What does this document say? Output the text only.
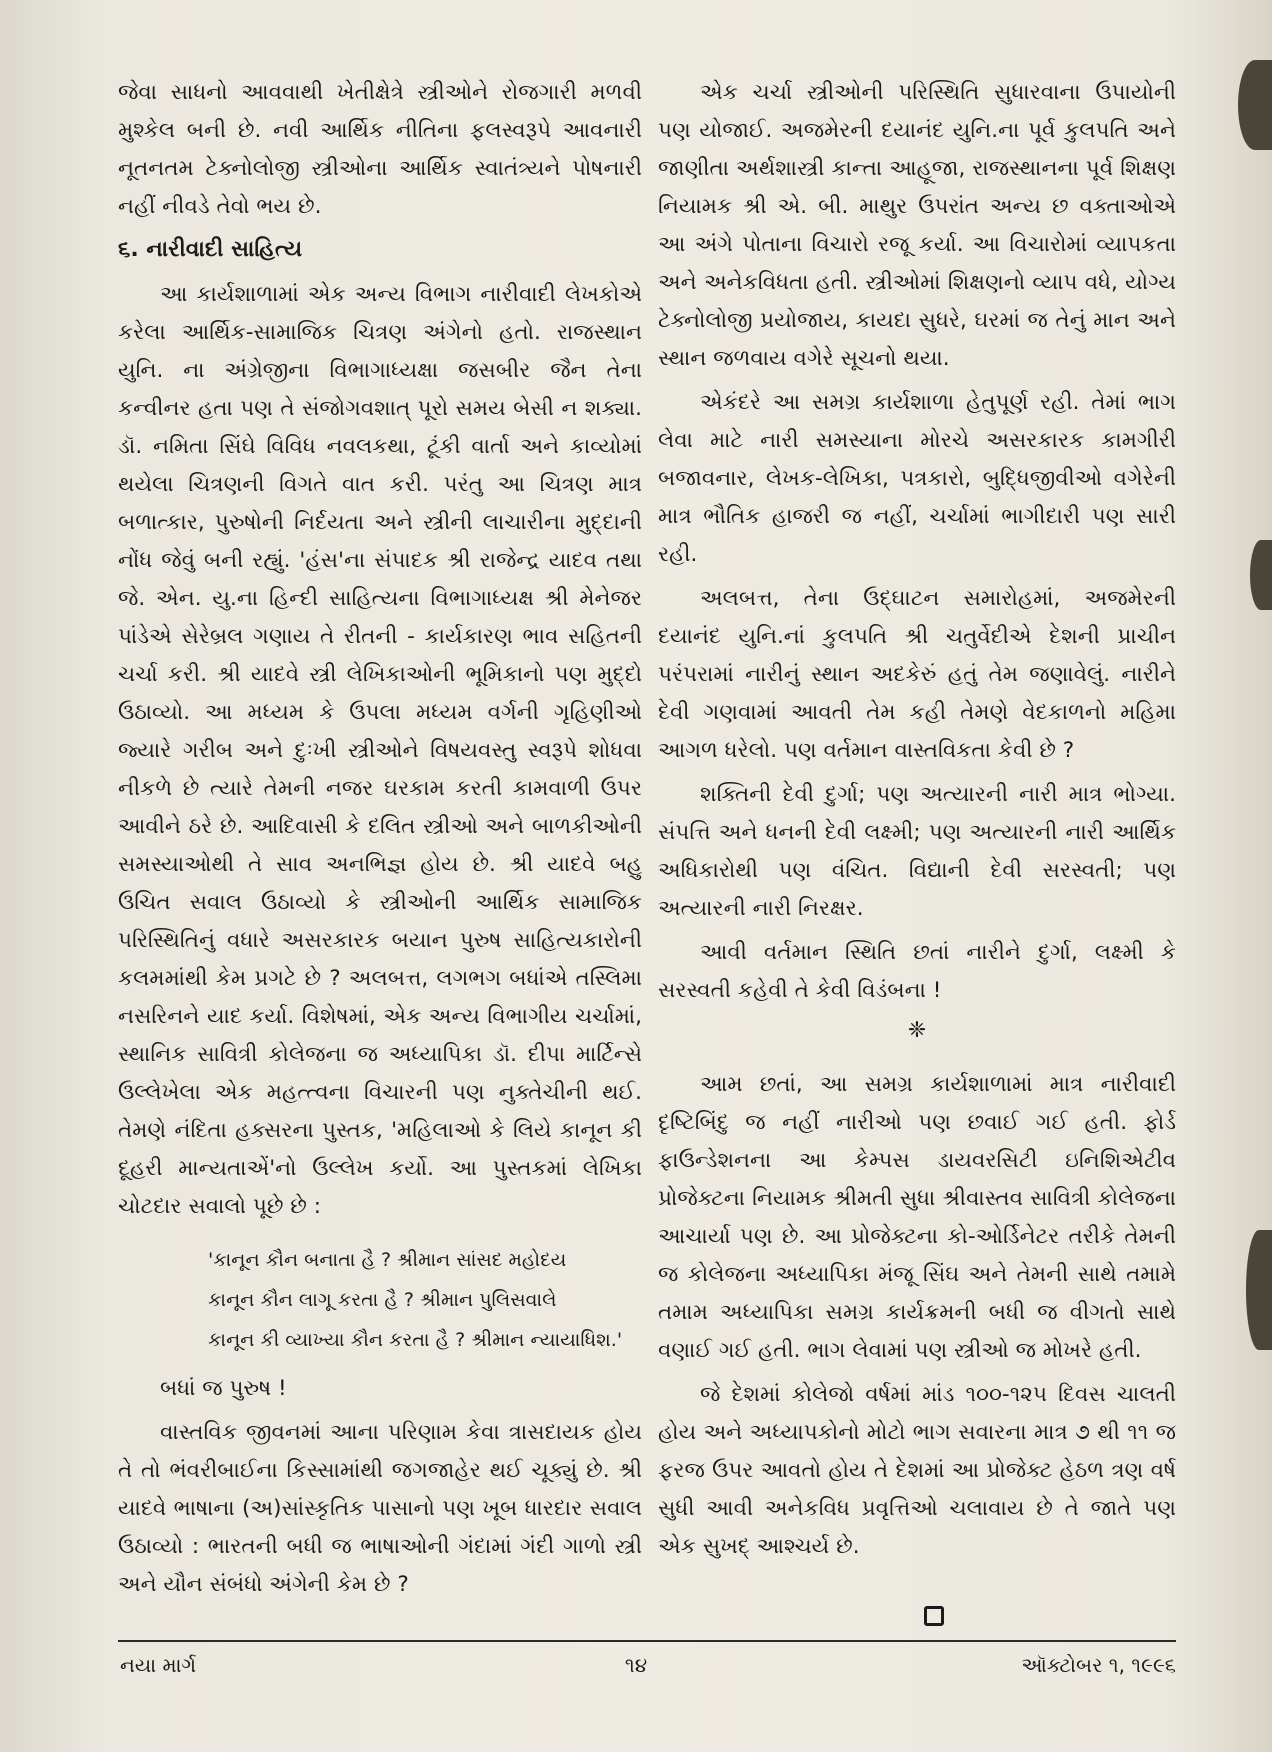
જેવા સાધનો આવવાથી ખેતીક્ષેત્રે સ્ત્રીઓને રોજગારી મળવી મુશ્કેલ બની છે. નવી આર્થિક નીતિના ફલસ્વરૂપે આવનારી નૂતનતમ ટેક્નોલોજી સ્ત્રીઓના આર્થિક સ્વાતંત્ર્યને પોષનારી નહીં નીવડે તેવો ભય છે.

૬. નારીવાદી સાહિત્ય

આ કાર્યશાળામાં એક અન્ય વિભાગ નારીવાદી લેખકોએ કરેલા આર્થિક-સામાજિક ચિત્રણ અંગેનો હતો. રાજસ્થાન યુનિ. ના અંગ્રેજીના વિભાગાધ્યક્ષા જસબીર જૈન તેના કન્વીનર હતા પણ તે સંજોગવશાત્ પૂરો સમય બેસી ન શક્યા. ડૉ. નમિતા સિંઘે વિવિધ નવલકથા, ટૂંકી વાર્તા અને કાવ્યોમાં થયેલા ચિત્રણની વિગતે વાત કરી. પરંતુ આ ચિત્રણ માત્ર બળાત્કાર, પુરુષોની નિર્દયતા અને સ્ત્રીની લાચારીના મુદ્દાની નોંધ જેવું બની રહ્યું. 'હંસ'ના સંપાદક શ્રી રાજેન્દ્ર યાદવ તથા જે. એન. યુ.ના હિન્દી સાહિત્યના વિભાગાધ્યક્ષ શ્રી મેનેજર પાંડેએ સેરેબ્રલ ગણાય તે રીતની - કાર્યકારણ ભાવ સહિતની ચર્ચા કરી. શ્રી યાદવે સ્ત્રી લેખિકાઓની ભૂમિકાનો પણ મુદ્દો ઉઠાવ્યો. આ મધ્યમ કે ઉપલા મધ્યમ વર્ગની ગૃહિણીઓ જ્યારે ગરીબ અને દુઃખી સ્ત્રીઓને વિષયવસ્તુ સ્વરૂપે શોધવા નીકળે છે ત્યારે તેમની નજર ઘરકામ કરતી કામવાળી ઉપર આવીને ઠરે છે. આદિવાસી કે દલિત સ્ત્રીઓ અને બાળકીઓની સમસ્યાઓથી તે સાવ અનભિજ્ઞ હોય છે. શ્રી યાદવે બહુ ઉચિત સવાલ ઉઠાવ્યો કે સ્ત્રીઓની આર્થિક સામાજિક પરિસ્થિતિનું વધારે અસરકારક બયાન પુરુષ સાહિત્યકારોની કલમમાંથી કેમ પ્રગટે છે ? અલબત્ત, લગભગ બધાંએ તસ્લિમા નસરિનને યાદ કર્યા. વિશેષમાં, એક અન્ય વિભાગીય ચર્ચામાં, સ્થાનિક સાવિત્રી કોલેજના જ અધ્યાપિકા ડૉ. દીપા માર્ટિન્સે ઉલ્લેખેલા એક મહત્ત્વના વિચારની પણ નુક્તેચીની થઈ. તેમણે નંદિતા હક્સરના પુસ્તક, 'મહિલાઓ કે લિયે કાનૂન કી દૂહરી માન્યતાએં'નો ઉલ્લેખ કર્યો. આ પુસ્તકમાં લેખિકા ચોટદાર સવાલો પૂછે છે :

'કાનૂન કૌન બનાતા હૈ ? શ્રીમાન સાંસદ મહોદય
કાનૂન કૌન લાગૂ કરતા હૈ ? શ્રીમાન પુલિસવાલે
કાનૂન કી વ્યાખ્યા કૌન કરતા હૈ ? શ્રીમાન ન્યાયાધિશ.'

બધાં જ પુરુષ !

વાસ્તવિક જીવનમાં આના પરિણામ કેવા ત્રાસદાયક હોય તે તો ભંવરીબાઈના કિસ્સામાંથી જગજાહેર થઈ ચૂક્યું છે. શ્રી યાદવે ભાષાના (અ)સાંસ્કૃતિક પાસાનો પણ ખૂબ ધારદાર સવાલ ઉઠાવ્યો : ભારતની બધી જ ભાષાઓની ગંદામાં ગંદી ગાળો સ્ત્રી અને યૌન સંબંધો અંગેની કેમ છે ?

એક ચર્ચા સ્ત્રીઓની પરિસ્થિતિ સુધારવાના ઉપાયોની પણ યોજાઈ. અજમેરની દયાનંદ યુનિ.ના પૂર્વ કુલપતિ અને જાણીતા અર્થશાસ્ત્રી કાન્તા આહૂજા, રાજસ્થાનના પૂર્વ શિક્ષણ નિયામક શ્રી એ. બી. માથુર ઉપરાંત અન્ય છ વક્તાઓએ આ અંગે પોતાના વિચારો રજૂ કર્યા. આ વિચારોમાં વ્યાપકતા અને અનેકવિધતા હતી. સ્ત્રીઓમાં શિક્ષણનો વ્યાપ વધે, યોગ્ય ટેક્નોલોજી પ્રયોજાય, કાયદા સુધરે, ઘરમાં જ તેનું માન અને સ્થાન જળવાય વગેરે સૂચનો થયા.

એકંદરે આ સમગ્ર કાર્યશાળા હેતુપૂર્ણ રહી. તેમાં ભાગ લેવા માટે નારી સમસ્યાના મોરચે અસરકારક કામગીરી બજાવનાર, લેખક-લેખિકા, પત્રકારો, બુદ્ધિજીવીઓ વગેરેની માત્ર ભૌતિક હાજરી જ નહીં, ચર્ચામાં ભાગીદારી પણ સારી રહી.

અલબત્ત, તેના ઉદ્ઘાટન સમારોહમાં, અજમેરની દયાનંદ યુનિ.નાં કુલપતિ શ્રી ચતુર્વેદીએ દેશની પ્રાચીન પરંપરામાં નારીનું સ્થાન અદકેરું હતું તેમ જણાવેલું. નારીને દેવી ગણવામાં આવતી તેમ કહી તેમણે વેદકાળનો મહિમા આગળ ધરેલો. પણ વર્તમાન વાસ્તવિકતા કેવી છે ?

શક્તિની દેવી દુર્ગા; પણ અત્યારની નારી માત્ર ભોગ્યા. સંપત્તિ અને ધનની દેવી લક્ષ્મી; પણ અત્યારની નારી આર્થિક અધિકારોથી પણ વંચિત. વિદ્યાની દેવી સરસ્વતી; પણ અત્યારની નારી નિરક્ષર.

આવી વર્તમાન સ્થિતિ છતાં નારીને દુર્ગા, લક્ષ્મી કે સરસ્વતી કહેવી તે કેવી વિડંબના !

❈

આમ છતાં, આ સમગ્ર કાર્યશાળામાં માત્ર નારીવાદી દૃષ્ટિબિંદુ જ નહીં નારીઓ પણ છવાઈ ગઈ હતી. ફોર્ડ ફાઉન્ડેશનના આ કેમ્પસ ડાયવરસિટી ઇનિશિએટીવ પ્રોજેક્ટના નિયામક શ્રીમતી સુધા શ્રીવાસ્તવ સાવિત્રી કોલેજના આચાર્યા પણ છે. આ પ્રોજેક્ટના કો-ઓર્ડિનેટર તરીકે તેમની જ કોલેજના અધ્યાપિકા મંજૂ સિંઘ અને તેમની સાથે તમામે તમામ અધ્યાપિકા સમગ્ર કાર્યક્રમની બધી જ વીગતો સાથે વણાઈ ગઈ હતી. ભાગ લેવામાં પણ સ્ત્રીઓ જ મોખરે હતી.

જે દેશમાં કોલેજો વર્ષમાં માંડ ૧૦૦-૧૨૫ દિવસ ચાલતી હોય અને અધ્યાપકોનો મોટો ભાગ સવારના માત્ર ૭ થી ૧૧ જ ફરજ ઉપર આવતો હોય તે દેશમાં આ પ્રોજેક્ટ હેઠળ ત્રણ વર્ષ સુધી આવી અનેકવિધ પ્રવૃત્તિઓ ચલાવાય છે તે જાતે પણ એક સુખદ્ આશ્ચર્ય છે.

નયા માર્ગ	૧૪	ઑક્ટોબર ૧, ૧૯૯૬
